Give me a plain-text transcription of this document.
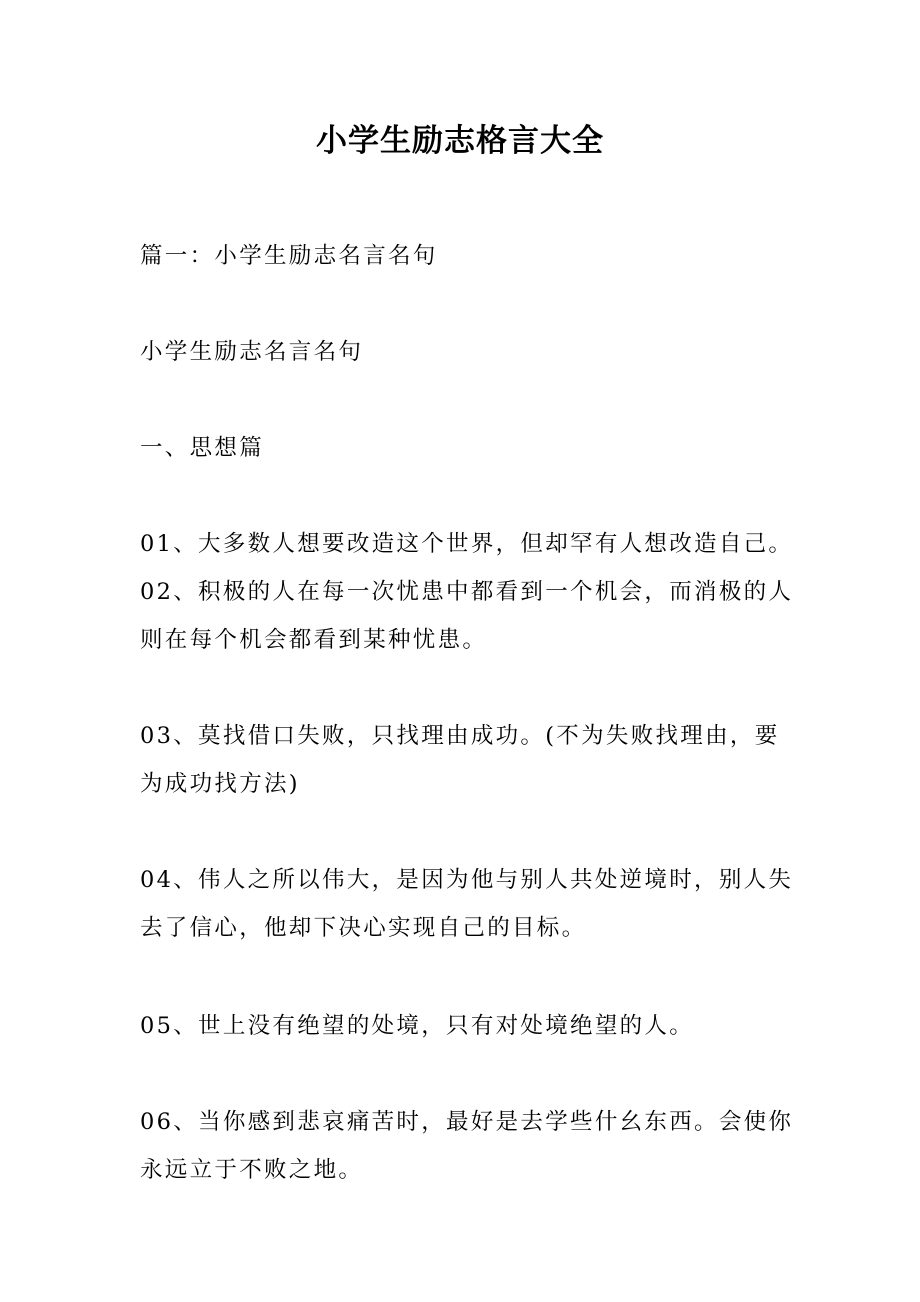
小学生励志格言大全
篇一：小学生励志名言名句
小学生励志名言名句
一、思想篇
01、大多数人想要改造这个世界，但却罕有人想改造自己。
02、积极的人在每一次忧患中都看到一个机会，而消极的人
则在每个机会都看到某种忧患。
03、莫找借口失败，只找理由成功。(不为失败找理由，要
为成功找方法)
04、伟人之所以伟大，是因为他与别人共处逆境时，别人失
去了信心，他却下决心实现自己的目标。
05、世上没有绝望的处境，只有对处境绝望的人。
06、当你感到悲哀痛苦时，最好是去学些什幺东西。会使你
永远立于不败之地。
